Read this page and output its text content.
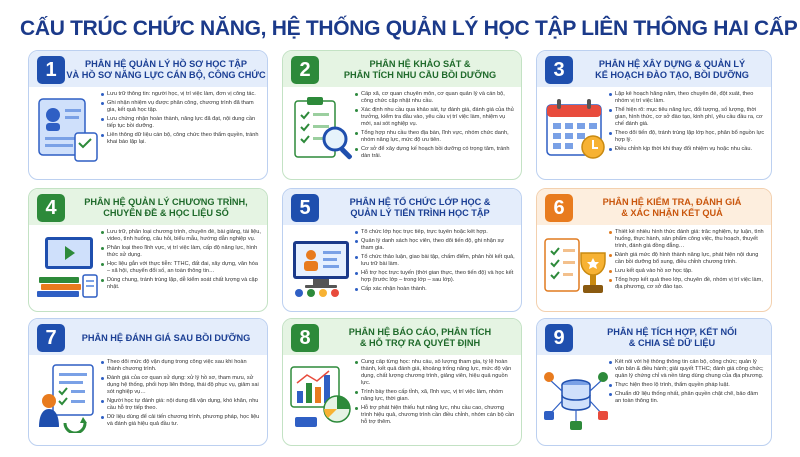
CẤU TRÚC CHỨC NĂNG, HỆ THỐNG QUẢN LÝ HỌC TẬP LIÊN THÔNG HAI CẤP
1	PHÂN HỆ QUẢN LÝ HỒ SƠ HỌC TẬP
VÀ HỒ SƠ NĂNG LỰC CÁN BỘ, CÔNG CHỨC
Lưu trữ thông tin: người học, vị trí việc làm, đơn vị công tác.
Ghi nhận nhiệm vụ được phân công, chương trình đã tham gia, kết quả học tập.
Lưu chứng nhận hoàn thành, năng lực đã đạt, nội dung cần tiếp tục bồi dưỡng.
Liên thông dữ liệu cán bộ, công chức theo thẩm quyền, tránh khai báo lặp lại.
2	PHÂN HỆ KHẢO SÁT &
PHÂN TÍCH NHU CẦU BỒI DƯỠNG
Cấp xã, cơ quan chuyên môn, cơ quan quản lý và cán bộ, công chức cập nhật nhu cầu.
Xác định nhu cầu qua khảo sát, tự đánh giá, đánh giá của thủ trưởng, kiểm tra đầu vào, yêu cầu vị trí việc làm, nhiệm vụ mới, sai sót nghiệp vụ.
Tổng hợp nhu cầu theo địa bàn, lĩnh vực, nhóm chức danh, nhóm năng lực, mức độ ưu tiên.
Cơ sở để xây dựng kế hoạch bồi dưỡng có trọng tâm, tránh dàn trải.
3	PHÂN HỆ XÂY DỰNG & QUẢN LÝ
KẾ HOẠCH ĐÀO TẠO, BỒI DƯỠNG
Lập kế hoạch hằng năm, theo chuyên đề, đột xuất, theo nhóm vị trí việc làm.
Thể hiện rõ: mục tiêu năng lực, đối tượng, số lượng, thời gian, hình thức, cơ sở đào tạo, kinh phí, yêu cầu đầu ra, cơ chế đánh giá.
Theo dõi tiến độ, tránh trùng lặp lớp học, phân bổ nguồn lực hợp lý.
Điều chỉnh kịp thời khi thay đổi nhiệm vụ hoặc nhu cầu.
4	PHÂN HỆ QUẢN LÝ CHƯƠNG TRÌNH,
CHUYÊN ĐỀ & HỌC LIỆU SỐ
Lưu trữ, phân loại chương trình, chuyên đề, bài giảng, tài liệu, video, tình huống, câu hỏi, biểu mẫu, hướng dẫn nghiệp vụ.
Phân loại theo lĩnh vực, vị trí việc làm, cấp độ năng lực, hình thức sử dụng.
Học liệu gắn với thực tiễn: TTHC, đất đai, xây dựng, văn hóa – xã hội, chuyển đổi số, an toàn thông tin…
Dùng chung, tránh trùng lặp, dễ kiểm soát chất lượng và cập nhật.
5	PHÂN HỆ TỔ CHỨC LỚP HỌC &
QUẢN LÝ TIẾN TRÌNH HỌC TẬP
Tổ chức lớp học trực tiếp, trực tuyến hoặc kết hợp.
Quản lý danh sách học viên, theo dõi tiến độ, ghi nhận sự tham gia.
Tổ chức thảo luận, giao bài tập, chấm điểm, phản hồi kết quả, lưu trữ bài làm.
Hỗ trợ học trực tuyến (thời gian thực, theo tiến độ) và học kết hợp (trước lớp – trong lớp – sau lớp).
Cấp xác nhận hoàn thành.
6	PHÂN HỆ KIỂM TRA, ĐÁNH GIÁ
& XÁC NHẬN KẾT QUẢ
Thiết kế nhiều hình thức đánh giá: trắc nghiệm, tự luận, tình huống, thực hành, sản phẩm công việc, thu hoạch, thuyết trình, đánh giá đồng đẳng…
Đánh giá mức độ hình thành năng lực, phát hiện nội dung cần bồi dưỡng bổ sung, điều chỉnh chương trình.
Lưu kết quả vào hồ sơ học tập.
Tổng hợp kết quả theo lớp, chuyên đề, nhóm vị trí việc làm, địa phương, cơ sở đào tạo.
7	PHÂN HỆ ĐÁNH GIÁ SAU BỒI DƯỠNG
Theo dõi mức độ vận dụng trong công việc sau khi hoàn thành chương trình.
Đánh giá của cơ quan sử dụng: xử lý hồ sơ, tham mưu, sử dụng hệ thống, phối hợp liên thông, thái độ phục vụ, giảm sai sót nghiệp vụ…
Người học tự đánh giá: nội dung đã vận dụng, khó khăn, nhu cầu hỗ trợ tiếp theo.
Dữ liệu dùng để cải tiến chương trình, phương pháp, học liệu và đánh giá hiệu quả đầu tư.
8	PHÂN HỆ BÁO CÁO, PHÂN TÍCH
& HỖ TRỢ RA QUYẾT ĐỊNH
Cung cấp từng học: nhu cầu, số lượng tham gia, tỷ lệ hoàn thành, kết quả đánh giá, khoảng trống năng lực, mức độ vận dụng, chất lượng chương trình, giảng viên, hiệu quả nguồn lực.
Trình bày theo cấp tỉnh, xã, lĩnh vực, vị trí việc làm, nhóm năng lực, thời gian.
Hỗ trợ phát hiện thiếu hụt năng lực, nhu cầu cao, chương trình hiệu quả, chương trình cần điều chỉnh, nhóm cán bộ cần hỗ trợ thêm.
9	PHÂN HỆ TÍCH HỢP, KẾT NỐI
& CHIA SẺ DỮ LIỆU
Kết nối với hệ thống thông tin cán bộ, công chức; quản lý văn bản & điều hành; giải quyết TTHC; đánh giá công chức; quản lý chứng chỉ và nền tảng dùng chung của địa phương.
Thực hiện theo lộ trình, thẩm quyền pháp luật.
Chuẩn dữ liệu thống nhất, phân quyền chặt chẽ, bảo đảm an toàn thông tin.
